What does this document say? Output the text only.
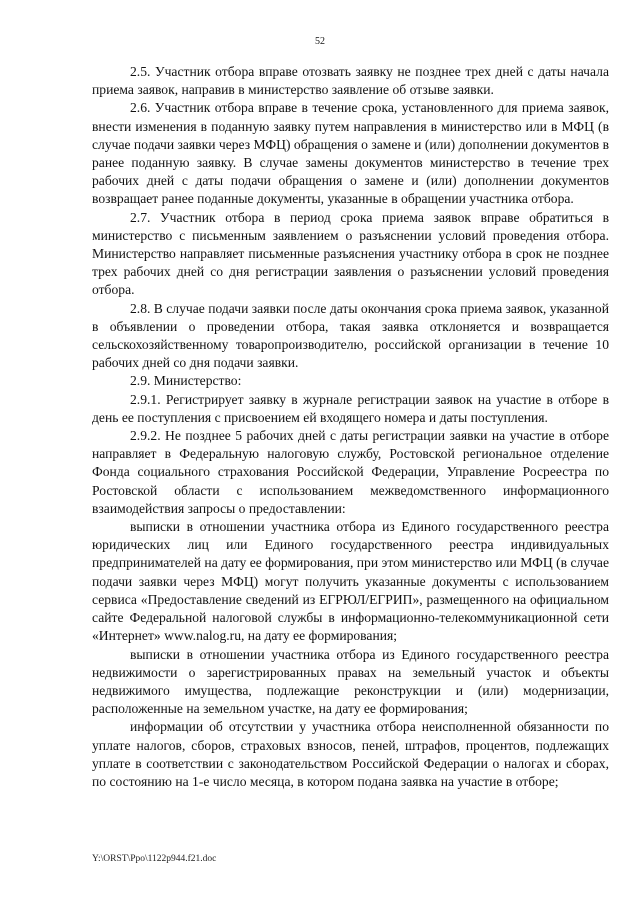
52

2.5. Участник отбора вправе отозвать заявку не позднее трех дней с даты начала приема заявок, направив в министерство заявление об отзыве заявки.

2.6. Участник отбора вправе в течение срока, установленного для приема заявок, внести изменения в поданную заявку путем направления в министерство или в МФЦ (в случае подачи заявки через МФЦ) обращения о замене и (или) дополнении документов в ранее поданную заявку. В случае замены документов министерство в течение трех рабочих дней с даты подачи обращения о замене и (или) дополнении документов возвращает ранее поданные документы, указанные в обращении участника отбора.

2.7. Участник отбора в период срока приема заявок вправе обратиться в министерство с письменным заявлением о разъяснении условий проведения отбора. Министерство направляет письменные разъяснения участнику отбора в срок не позднее трех рабочих дней со дня регистрации заявления о разъяснении условий проведения отбора.

2.8. В случае подачи заявки после даты окончания срока приема заявок, указанной в объявлении о проведении отбора, такая заявка отклоняется и возвращается сельскохозяйственному товаропроизводителю, российской организации в течение 10 рабочих дней со дня подачи заявки.

2.9. Министерство:

2.9.1. Регистрирует заявку в журнале регистрации заявок на участие в отборе в день ее поступления с присвоением ей входящего номера и даты поступления.

2.9.2. Не позднее 5 рабочих дней с даты регистрации заявки на участие в отборе направляет в Федеральную налоговую службу, Ростовской региональное отделение Фонда социального страхования Российской Федерации, Управление Росреестра по Ростовской области с использованием межведомственного информационного взаимодействия запросы о предоставлении:

выписки в отношении участника отбора из Единого государственного реестра юридических лиц или Единого государственного реестра индивидуальных предпринимателей на дату ее формирования, при этом министерство или МФЦ (в случае подачи заявки через МФЦ) могут получить указанные документы с использованием сервиса «Предоставление сведений из ЕГРЮЛ/ЕГРИП», размещенного на официальном сайте Федеральной налоговой службы в информационно-телекоммуникационной сети «Интернет» www.nalog.ru, на дату ее формирования;

выписки в отношении участника отбора из Единого государственного реестра недвижимости о зарегистрированных правах на земельный участок и объекты недвижимого имущества, подлежащие реконструкции и (или) модернизации, расположенные на земельном участке, на дату ее формирования;

информации об отсутствии у участника отбора неисполненной обязанности по уплате налогов, сборов, страховых взносов, пеней, штрафов, процентов, подлежащих уплате в соответствии с законодательством Российской Федерации о налогах и сборах, по состоянию на 1-е число месяца, в котором подана заявка на участие в отборе;

Y:\ORST\Ppo\1122p944.f21.doc
